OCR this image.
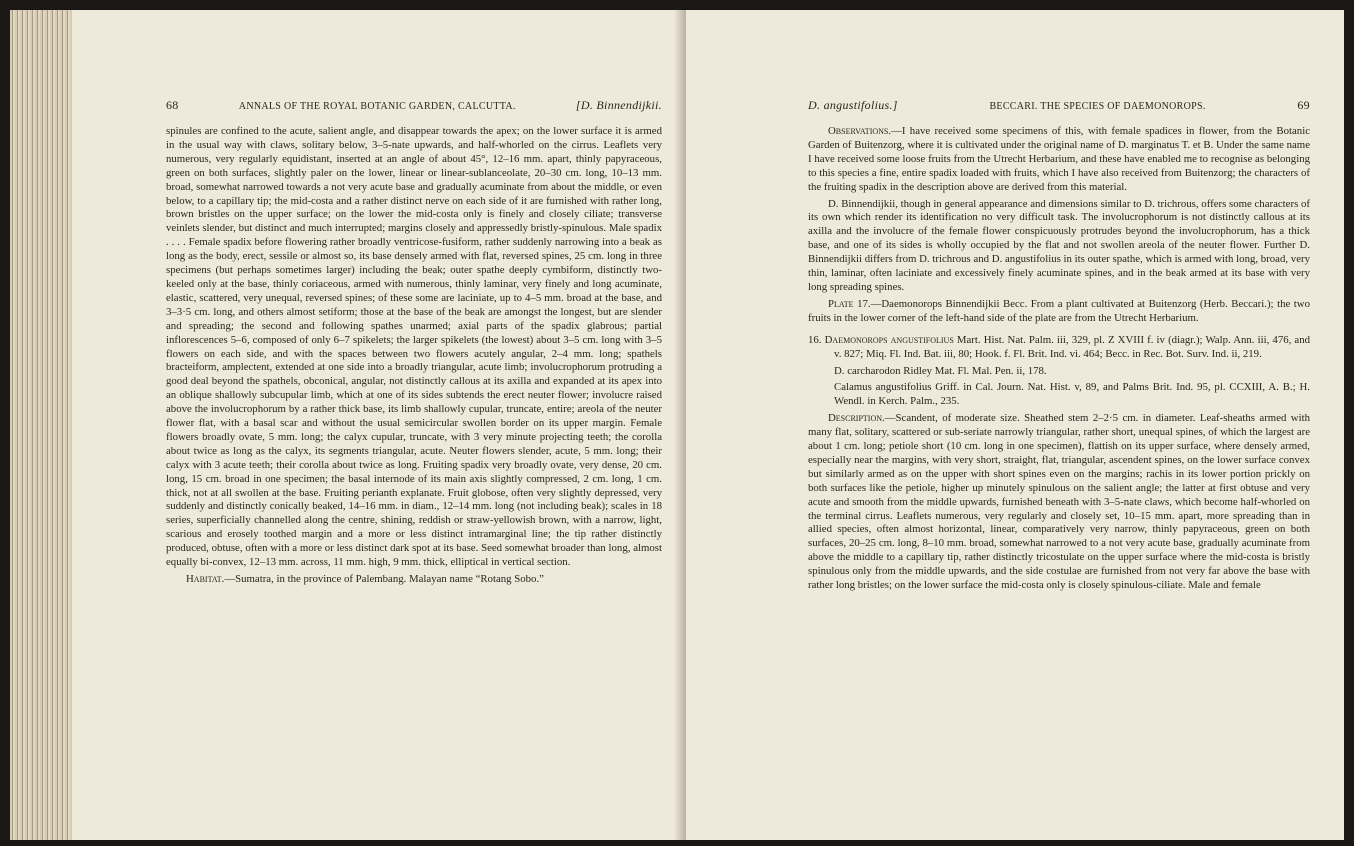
68	ANNALS OF THE ROYAL BOTANIC GARDEN, CALCUTTA.	[D. Binnendijkii.

spinules are confined to the acute, salient angle, and disappear towards the apex; on the lower surface it is armed in the usual way with claws, solitary below, 3–5-nate upwards, and half-whorled on the cirrus. Leaflets very numerous, very regularly equidistant, inserted at an angle of about 45°, 12–16 mm. apart, thinly papyraceous, green on both surfaces, slightly paler on the lower, linear or linear-sublanceolate, 20–30 cm. long, 10–13 mm. broad, somewhat narrowed towards a not very acute base and gradually acuminate from about the middle, or even below, to a capillary tip; the mid-costa and a rather distinct nerve on each side of it are furnished with rather long, brown bristles on the upper surface; on the lower the mid-costa only is finely and closely ciliate; transverse veinlets slender, but distinct and much interrupted; margins closely and appressedly bristly-spinulous. Male spadix . . . . Female spadix before flowering rather broadly ventricose-fusiform, rather suddenly narrowing into a beak as long as the body, erect, sessile or almost so, its base densely armed with flat, reversed spines, 25 cm. long in three specimens (but perhaps sometimes larger) including the beak; outer spathe deeply cymbiform, distinctly two-keeled only at the base, thinly coriaceous, armed with numerous, thinly laminar, very finely and long acuminate, elastic, scattered, very unequal, reversed spines; of these some are laciniate, up to 4–5 mm. broad at the base, and 3–3·5 cm. long, and others almost setiform; those at the base of the beak are amongst the longest, but are slender and spreading; the second and following spathes unarmed; axial parts of the spadix glabrous; partial inflorescences 5–6, composed of only 6–7 spikelets; the larger spikelets (the lowest) about 3–5 cm. long with 3–5 flowers on each side, and with the spaces between two flowers acutely angular, 2–4 mm. long; spathels bracteiform, amplectent, extended at one side into a broadly triangular, acute limb; involucrophorum protruding a good deal beyond the spathels, obconical, angular, not distinctly callous at its axilla and expanded at its apex into an oblique shallowly subcupular limb, which at one of its sides subtends the erect neuter flower; involucre raised above the involucrophorum by a rather thick base, its limb shallowly cupular, truncate, entire; areola of the neuter flower flat, with a basal scar and without the usual semicircular swollen border on its upper margin. Female flowers broadly ovate, 5 mm. long; the calyx cupular, truncate, with 3 very minute projecting teeth; the corolla about twice as long as the calyx, its segments triangular, acute. Neuter flowers slender, acute, 5 mm. long; their calyx with 3 acute teeth; their corolla about twice as long. Fruiting spadix very broadly ovate, very dense, 20 cm. long, 15 cm. broad in one specimen; the basal internode of its main axis slightly compressed, 2 cm. long, 1 cm. thick, not at all swollen at the base. Fruiting perianth explanate. Fruit globose, often very slightly depressed, very suddenly and distinctly conically beaked, 14–16 mm. in diam., 12–14 mm. long (not including beak); scales in 18 series, superficially channelled along the centre, shining, reddish or straw-yellowish brown, with a narrow, light, scarious and erosely toothed margin and a more or less distinct intramarginal line; the tip rather distinctly produced, obtuse, often with a more or less distinct dark spot at its base. Seed somewhat broader than long, almost equally bi-convex, 12–13 mm. across, 11 mm. high, 9 mm. thick, elliptical in vertical section.

Habitat.—Sumatra, in the province of Palembang. Malayan name “Rotang Sobo.”

D. angustifolius.]	BECCARI. THE SPECIES OF DAEMONOROPS.	69

Observations.—I have received some specimens of this, with female spadices in flower, from the Botanic Garden of Buitenzorg, where it is cultivated under the original name of D. marginatus T. et B. Under the same name I have received some loose fruits from the Utrecht Herbarium, and these have enabled me to recognise as belonging to this species a fine, entire spadix loaded with fruits, which I have also received from Buitenzorg; the characters of the fruiting spadix in the description above are derived from this material.

D. Binnendijkii, though in general appearance and dimensions similar to D. trichrous, offers some characters of its own which render its identification no very difficult task. The involucrophorum is not distinctly callous at its axilla and the involucre of the female flower conspicuously protrudes beyond the involucrophorum, has a thick base, and one of its sides is wholly occupied by the flat and not swollen areola of the neuter flower. Further D. Binnendijkii differs from D. trichrous and D. angustifolius in its outer spathe, which is armed with long, broad, very thin, laminar, often laciniate and excessively finely acuminate spines, and in the beak armed at its base with very long spreading spines.

Plate 17.—Daemonorops Binnendijkii Becc. From a plant cultivated at Buitenzorg (Herb. Beccari.); the two fruits in the lower corner of the left-hand side of the plate are from the Utrecht Herbarium.

16. Daemonorops angustifolius Mart. Hist. Nat. Palm. iii, 329, pl. Z XVIII f. iv (diagr.); Walp. Ann. iii, 476, and v. 827; Miq. Fl. Ind. Bat. iii, 80; Hook. f. Fl. Brit. Ind. vi. 464; Becc. in Rec. Bot. Surv. Ind. ii, 219.

D. carcharodon Ridley Mat. Fl. Mal. Pen. ii, 178.

Calamus angustifolius Griff. in Cal. Journ. Nat. Hist. v, 89, and Palms Brit. Ind. 95, pl. CCXIII, A. B.; H. Wendl. in Kerch. Palm., 235.

Description.—Scandent, of moderate size. Sheathed stem 2–2·5 cm. in diameter. Leaf-sheaths armed with many flat, solitary, scattered or sub-seriate narrowly triangular, rather short, unequal spines, of which the largest are about 1 cm. long; petiole short (10 cm. long in one specimen), flattish on its upper surface, where densely armed, especially near the margins, with very short, straight, flat, triangular, ascendent spines, on the lower surface convex but similarly armed as on the upper with short spines even on the margins; rachis in its lower portion prickly on both surfaces like the petiole, higher up minutely spinulous on the salient angle; the latter at first obtuse and very acute and smooth from the middle upwards, furnished beneath with 3–5-nate claws, which become half-whorled on the terminal cirrus. Leaflets numerous, very regularly and closely set, 10–15 mm. apart, more spreading than in allied species, often almost horizontal, linear, comparatively very narrow, thinly papyraceous, green on both surfaces, 20–25 cm. long, 8–10 mm. broad, somewhat narrowed to a not very acute base, gradually acuminate from above the middle to a capillary tip, rather distinctly tricostulate on the upper surface where the mid-costa is bristly spinulous only from the middle upwards, and the side costulae are furnished from not very far above the base with rather long bristles; on the lower surface the mid-costa only is closely spinulous-ciliate. Male and female
